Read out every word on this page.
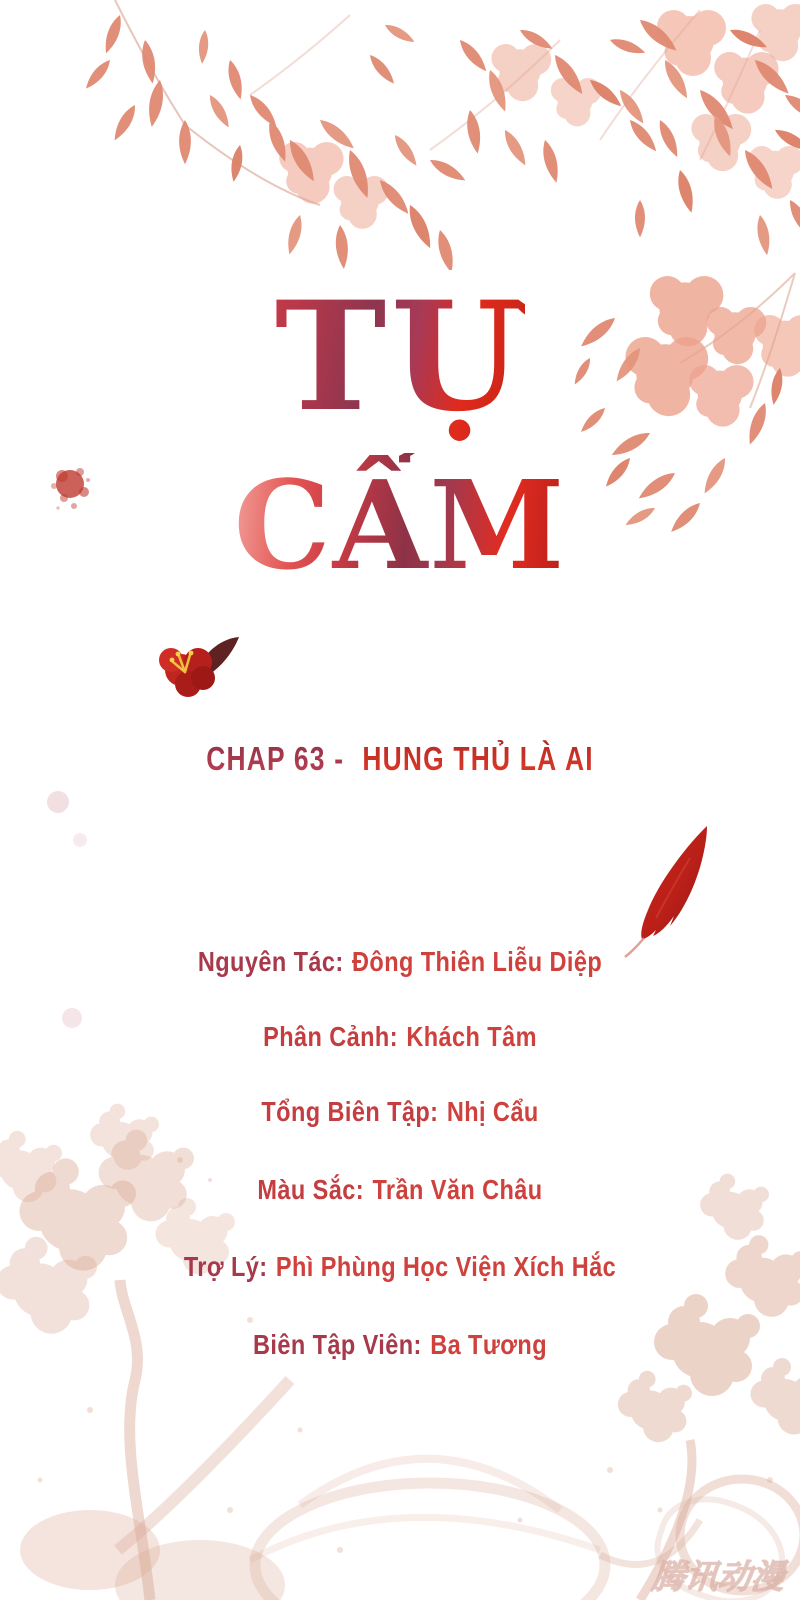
TỰ
CẨM
CHAP 63 - HUNG THỦ LÀ AI
Nguyên Tác: Đông Thiên Liễu Diệp
Phân Cảnh: Khách Tâm
Tổng Biên Tập: Nhị Cẩu
Màu Sắc: Trần Văn Châu
Trợ Lý: Phì Phùng Học Viện Xích Hắc
Biên Tập Viên: Ba Tương
NGUỒN: facebook.com/kimmina97
ĐĂNG TẠI: playerduo.com/kimmina
腾讯动漫
